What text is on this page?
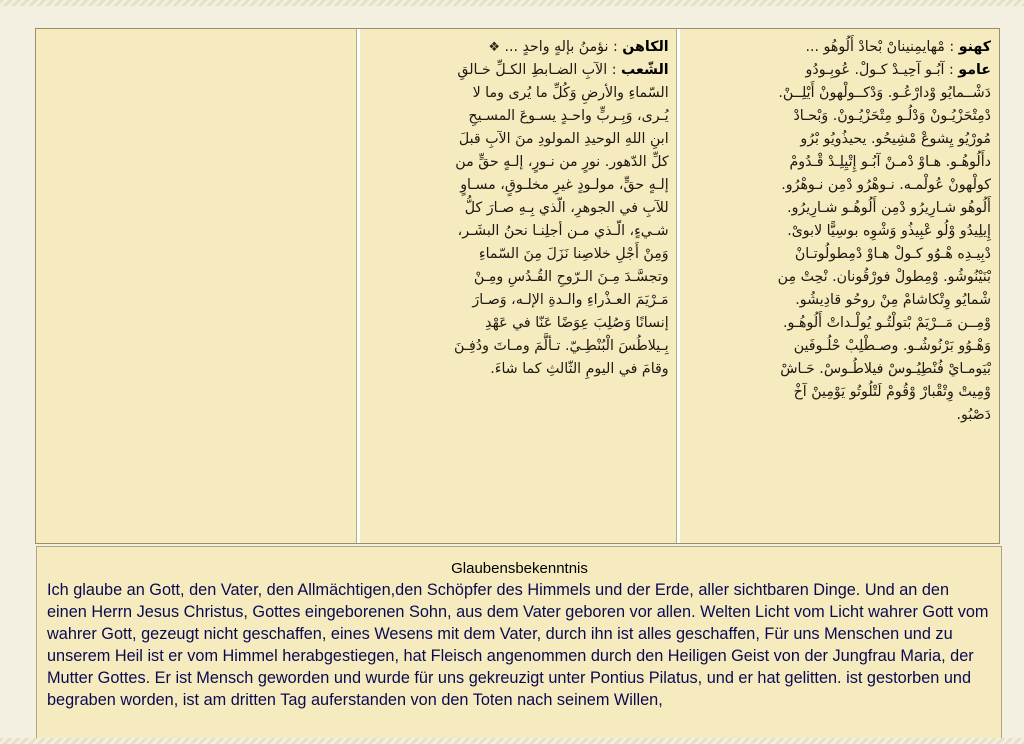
الكاهن : نؤمنُ بإلهٍ واحدٍ ... ❖
الشّعب : الآبِ الضـابطِ الكـلِّ خـالقِ
السّماءِ والأرضِ وَكُلِّ ما يُرى وما لا
يُـرى، وَبِـربٍّ واحـدٍ يسـوعَ المسـيحِ
ابنِ اللهِ الوحيدِ المولودِ منَ الآبِ قبلَ
كلِّ الدّهور. نورٍ من نـورٍ، إلـهٍ حقٍّ من
إلـهٍ حقٍّ، مولـودٍ غيرِ مخلـوقٍ، مسـاوٍ
للآبِ في الجوهرِ، الّذي بِـهِ صـارَ كلُّ
شـيءٍ، الّـذي مـن أجلِنـا نحنُ البشَـر،
وَمِنْ أَجْلِ خلاصِنا نَزَلَ مِنَ السّماءِ
وتجسَّـدَ مِـنَ الـرّوحِ القُـدُسِ ومِـنْ
مَـرْيَمَ العـذْراءِ والـدةِ الإلـه، وَصـارَ
إنسانًا وَصُلِبَ عِوَضًا عَنّا في عَهْدِ
بِـيلاطُسَ الْبُنْطِـيّ. تـألَّمَ ومـاتَ ودُفِـنَ
وقامَ في اليومِ الثّالثِ كما شاءَ.
كهنو : مْهايمِنيناںْ بْحادْ أَلُوهُو ...
عامو : آبُـو آحِيـدْ كـولْ. عُوبِـودُو
دَشْــمايُو وْدارْعُـو. وَدْكــولْهونْ أَيْلِــنْ.
دْمِتْحَزْيُـونْ وَدْلُـو مِتْحَزْيُـونْ. وَبْحـادْ
مُورْيُو يِشوعْ مْشِيحُو. يحيذُويُو بْرُو
دأَلُوهُـو. هـاوْ دْمـنْ آبُـو إِتْيِلِـدْ قْـدُومْ
كولْهونْ عُولْمـه. نـوهْرُو دْمِن نـوهْرُو.
أَلُوهُو شـارِيرُو دْمِن أَلُوهُـو شـارِيرُو.
إِيلِيدُو وْلُو عْبِيذُو وَشْوِه بوسِيًّا لابوىْ.
دْبِيـدِه هْـوُو كـولْ هـاوْ دْمِطولُوتـانْ
بْنَيْنُوشُو. وْمِطولْ فورْقُونان. نْحِتْ مِن
شْمايُو وِتْكاشامْ مِنْ روحُو قادِيشُو.
وْمِــن مَــرْيَمْ بْتولْتُـو يُولْـداتْ أَلُوهُـو.
وَهْـوُو بَرْنُوشُـو. وصـطْلِبْ حْلُـوفَين
بْيَومـايْ فُنْطِيُـوسْ فيلاطُـوسْ. حَـاشْ
وْمِيتْ وِتْقْبارْ وْقُومْ لَتْلُوتُو يَوْمِينْ آخْ
دَصْبُو.
Glaubensbekenntnis
Ich glaube an Gott, den Vater, den Allmächtigen,den Schöpfer des Himmels und der Erde, aller sichtbaren Dinge. Und an den einen Herrn Jesus Christus, Gottes eingeborenen Sohn, aus dem Vater geboren vor allen. Welten Licht vom Licht wahrer Gott vom wahrer Gott, gezeugt nicht geschaffen, eines Wesens mit dem Vater, durch ihn ist alles geschaffen, Für uns Menschen und zu unserem Heil ist er vom Himmel herabgestiegen, hat Fleisch angenommen durch den Heiligen Geist von der Jungfrau Maria, der Mutter Gottes. Er ist Mensch geworden und wurde für uns gekreuzigt unter Pontius Pilatus, und er hat gelitten. ist gestorben und begraben worden, ist am dritten Tag auferstanden von den Toten nach seinem Willen,
